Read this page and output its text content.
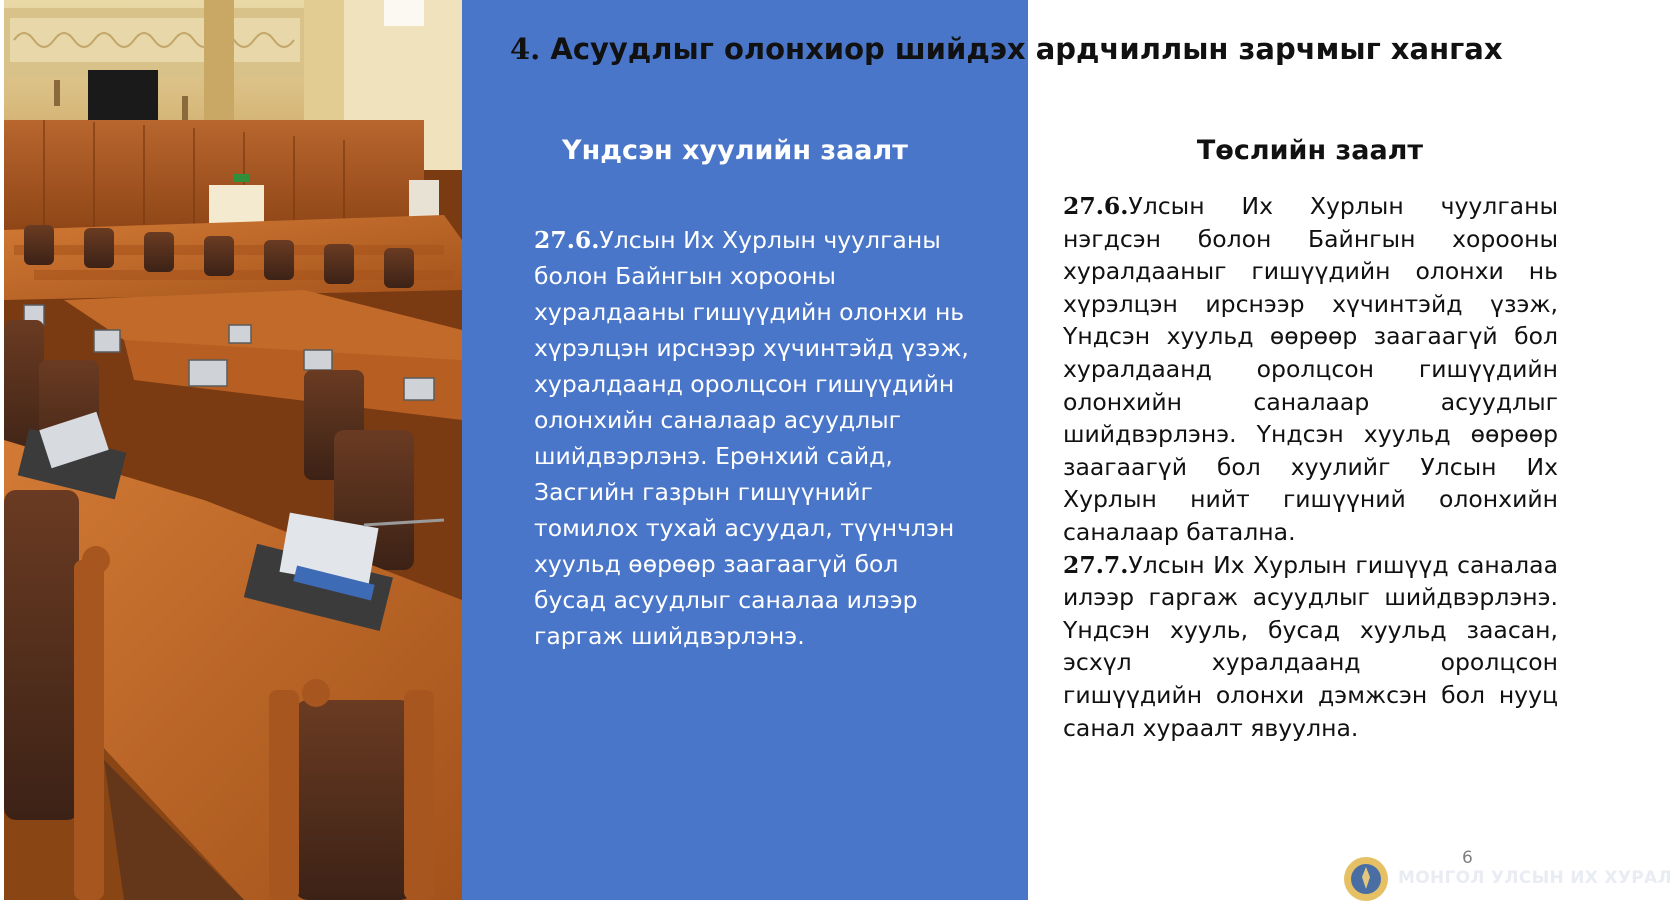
4. Асуудлыг олонхиор шийдэх ардчиллын зарчмыг хангах
Үндсэн хуулийн заалт

27.6.Улсын Их Хурлын чуулганы болон Байнгын хорооны хуралдааны гишүүдийн олонхи нь хүрэлцэн ирснээр хүчинтэйд үзэж, хуралдаанд оролцсон гишүүдийн олонхийн саналаар асуудлыг шийдвэрлэнэ. Ерөнхий сайд, Засгийн газрын гишүүнийг томилох тухай асуудал, түүнчлэн хуульд өөрөөр заагаагүй бол бусад асуудлыг саналаа илээр гаргаж шийдвэрлэнэ.

Төслийн заалт

27.6.Улсын Их Хурлын чуулганы нэгдсэн болон Байнгын хорооны хуралдааныг гишүүдийн олонхи нь хүрэлцэн ирснээр хүчинтэйд үзэж, Үндсэн хуульд өөрөөр заагаагүй бол хуралдаанд оролцсон гишүүдийн олонхийн саналаар асуудлыг шийдвэрлэнэ. Үндсэн хуульд өөрөөр заагаагүй бол хуулийг Улсын Их Хурлын нийт гишүүний олонхийн саналаар батална.

27.7.Улсын Их Хурлын гишүүд саналаа илээр гаргаж асуудлыг шийдвэрлэнэ. Үндсэн хууль, бусад хуульд заасан, эсхүл хуралдаанд оролцсон гишүүдийн олонхи дэмжсэн бол нууц санал хураалт явуулна.

6
МОНГОЛ УЛСЫН ИХ ХУРАЛ
